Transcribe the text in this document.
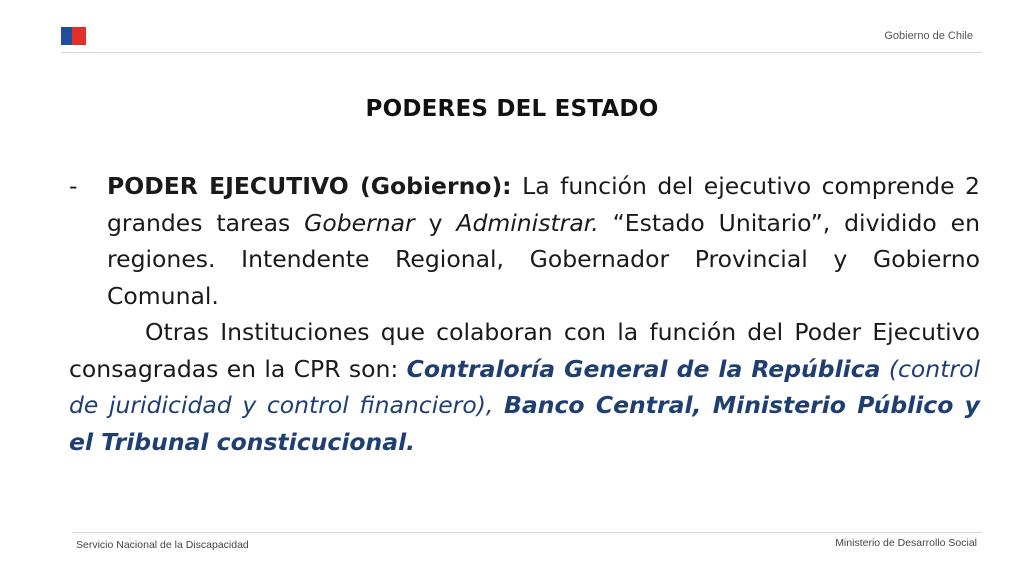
Gobierno de Chile
PODERES DEL ESTADO

- PODER EJECUTIVO (Gobierno): La función del ejecutivo comprende 2 grandes tareas Gobernar y Administrar. “Estado Unitario”, dividido en regiones. Intendente Regional, Gobernador Provincial y Gobierno Comunal.

Otras Instituciones que colaboran con la función del Poder Ejecutivo consagradas en la CPR son: Contraloría General de la República (control de juridicidad y control financiero), Banco Central, Ministerio Público y el Tribunal consticucional.

Servicio Nacional de la Discapacidad	Ministerio de Desarrollo Social
